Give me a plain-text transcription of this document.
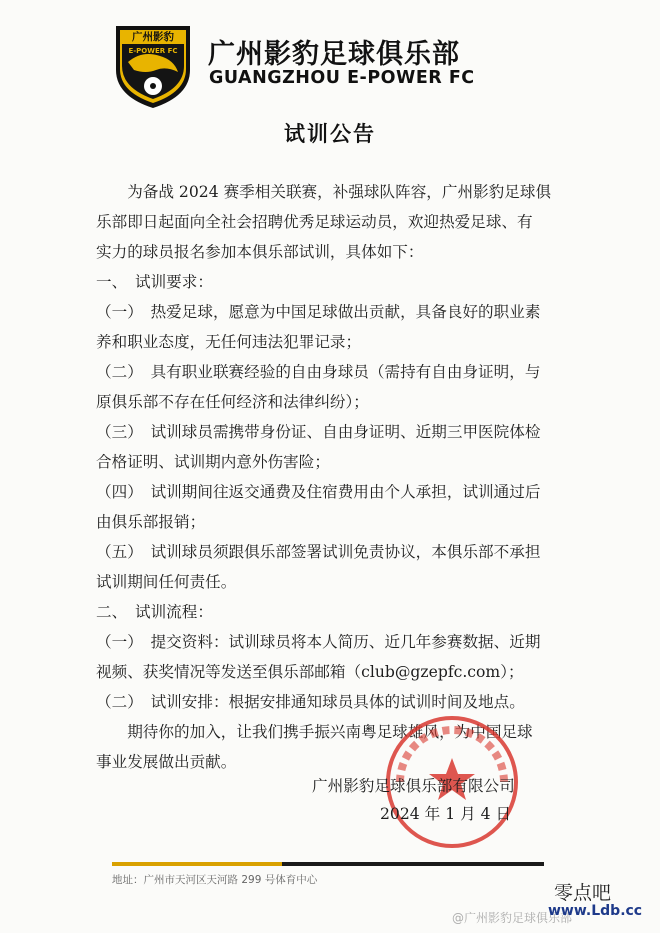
广州影豹
E-POWER FC 广州影豹足球俱乐部
GUANGZHOU E-POWER FC
试训公告
　　为备战 2024 赛季相关联赛，补强球队阵容，广州影豹足球俱
乐部即日起面向全社会招聘优秀足球运动员，欢迎热爱足球、有
实力的球员报名参加本俱乐部试训，具体如下：
一、　试训要求：
（一）　热爱足球，愿意为中国足球做出贡献，具备良好的职业素
养和职业态度，无任何违法犯罪记录；
（二）　具有职业联赛经验的自由身球员（需持有自由身证明，与
原俱乐部不存在任何经济和法律纠纷）；
（三）　试训球员需携带身份证、自由身证明、近期三甲医院体检
合格证明、试训期内意外伤害险；
（四）　试训期间往返交通费及住宿费用由个人承担，试训通过后
由俱乐部报销；
（五）　试训球员须跟俱乐部签署试训免责协议，本俱乐部不承担
试训期间任何责任。
二、　试训流程：
（一）　提交资料：试训球员将本人简历、近几年参赛数据、近期
视频、获奖情况等发送至俱乐部邮箱（club@gzepfc.com）；
（二）　试训安排：根据安排通知球员具体的试训时间及地点。
　　期待你的加入，让我们携手振兴南粤足球雄风，为中国足球
事业发展做出贡献。
广州影豹足球俱乐部有限公司
2024 年 1 月 4 日
地址：广州市天河区天河路 299 号体育中心
@广州影豹足球俱乐部
零点吧
www.Ldb.cc
